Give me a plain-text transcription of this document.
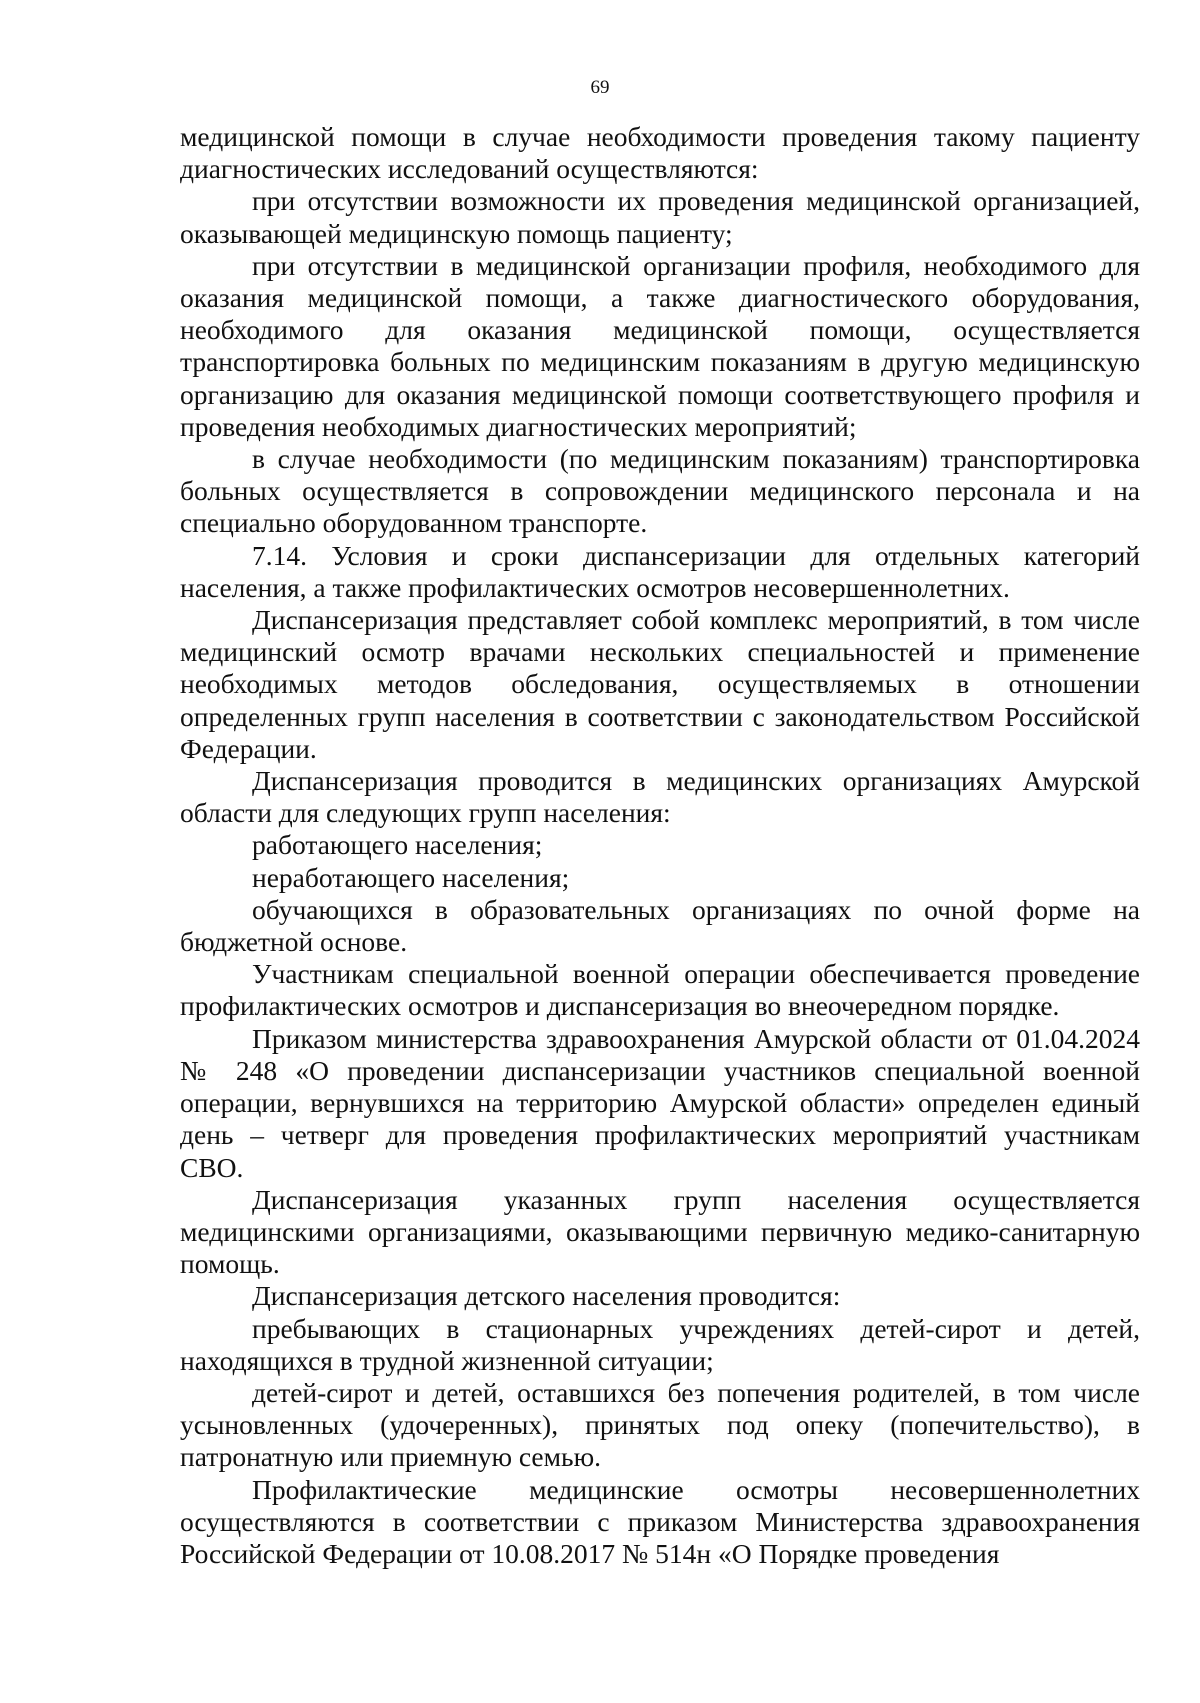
69

медицинской помощи в случае необходимости проведения такому пациенту диагностических исследований осуществляются:

при отсутствии возможности их проведения медицинской организацией, оказывающей медицинскую помощь пациенту;

при отсутствии в медицинской организации профиля, необходимого для оказания медицинской помощи, а также диагностического оборудования, необходимого для оказания медицинской помощи, осуществляется транспортировка больных по медицинским показаниям в другую медицинскую организацию для оказания медицинской помощи соответствующего профиля и проведения необходимых диагностических мероприятий;

в случае необходимости (по медицинским показаниям) транспортировка больных осуществляется в сопровождении медицинского персонала и на специально оборудованном транспорте.

7.14. Условия и сроки диспансеризации для отдельных категорий населения, а также профилактических осмотров несовершеннолетних.

Диспансеризация представляет собой комплекс мероприятий, в том числе медицинский осмотр врачами нескольких специальностей и применение необходимых методов обследования, осуществляемых в отношении определенных групп населения в соответствии с законодательством Российской Федерации.

Диспансеризация проводится в медицинских организациях Амурской области для следующих групп населения:

работающего населения;

неработающего населения;

обучающихся в образовательных организациях по очной форме на бюджетной основе.

Участникам специальной военной операции обеспечивается проведение профилактических осмотров и диспансеризация во внеочередном порядке.

Приказом министерства здравоохранения Амурской области от 01.04.2024 № 248 «О проведении диспансеризации участников специальной военной операции, вернувшихся на территорию Амурской области» определен единый день – четверг для проведения профилактических мероприятий участникам СВО.

Диспансеризация указанных групп населения осуществляется медицинскими организациями, оказывающими первичную медико-санитарную помощь.

Диспансеризация детского населения проводится:

пребывающих в стационарных учреждениях детей-сирот и детей, находящихся в трудной жизненной ситуации;

детей-сирот и детей, оставшихся без попечения родителей, в том числе усыновленных (удочеренных), принятых под опеку (попечительство), в патронатную или приемную семью.

Профилактические медицинские осмотры несовершеннолетних осуществляются в соответствии с приказом Министерства здравоохранения Российской Федерации от 10.08.2017 № 514н «О Порядке проведения
